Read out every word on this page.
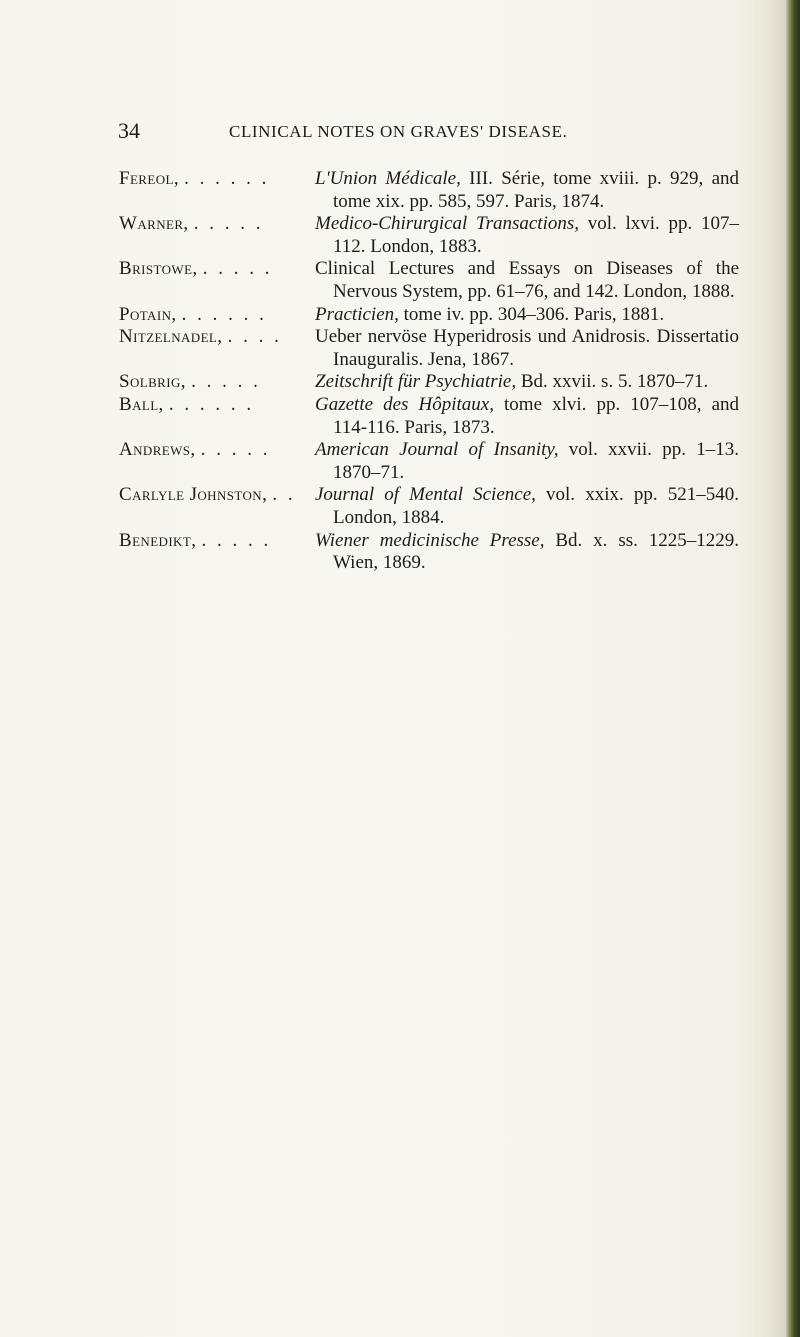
34	CLINICAL NOTES ON GRAVES' DISEASE.
Fereol, . . . . . .	L'Union Médicale, III. Série, tome xviii. p. 929, and tome xix. pp. 585, 597. Paris, 1874.
Warner, . . . . .	Medico-Chirurgical Transactions, vol. lxvi. pp. 107–112. London, 1883.
Bristowe, . . . . .	Clinical Lectures and Essays on Diseases of the Nervous System, pp. 61–76, and 142. London, 1888.
Potain, . . . . . .	Practicien, tome iv. pp. 304–306. Paris, 1881.
Nitzelnadel, . . . .	Ueber nervöse Hyperidrosis und Anidrosis. Dissertatio Inauguralis. Jena, 1867.
Solbrig, . . . . .	Zeitschrift für Psychiatrie, Bd. xxvii. s. 5. 1870–71.
Ball, . . . . . .	Gazette des Hôpitaux, tome xlvi. pp. 107–108, and 114-116. Paris, 1873.
Andrews, . . . . .	American Journal of Insanity, vol. xxvii. pp. 1–13. 1870–71.
Carlyle Johnston, . .	Journal of Mental Science, vol. xxix. pp. 521–540. London, 1884.
Benedikt, . . . . .	Wiener medicinische Presse, Bd. x. ss. 1225–1229. Wien, 1869.
